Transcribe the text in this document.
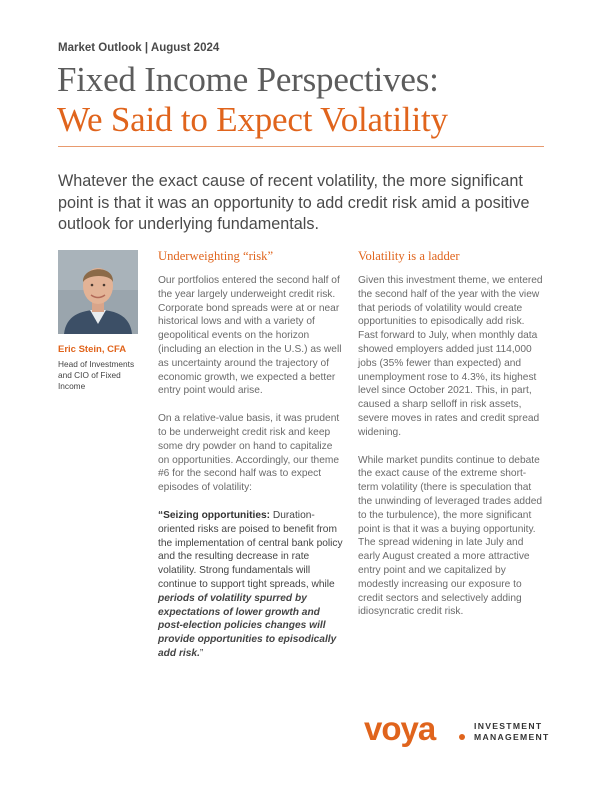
Market Outlook | August 2024
Fixed Income Perspectives:
We Said to Expect Volatility
Whatever the exact cause of recent volatility, the more significant point is that it was an opportunity to add credit risk amid a positive outlook for underlying fundamentals.
Eric Stein, CFA
Head of Investments and CIO of Fixed Income
Underweighting “risk”

Our portfolios entered the second half of the year largely underweight credit risk. Corporate bond spreads were at or near historical lows and with a variety of geopolitical events on the horizon (including an election in the U.S.) as well as uncertainty around the trajectory of economic growth, we expected a better entry point would arise.

On a relative-value basis, it was prudent to be underweight credit risk and keep some dry powder on hand to capitalize on opportunities. Accordingly, our theme #6 for the second half was to expect episodes of volatility:

“Seizing opportunities: Duration-oriented risks are poised to benefit from the implementation of central bank policy and the resulting decrease in rate volatility. Strong fundamentals will continue to support tight spreads, while periods of volatility spurred by expectations of lower growth and post-election policies changes will provide opportunities to episodically add risk.”

Volatility is a ladder

Given this investment theme, we entered the second half of the year with the view that periods of volatility would create opportunities to episodically add risk. Fast forward to July, when monthly data showed employers added just 114,000 jobs (35% fewer than expected) and unemployment rose to 4.3%, its highest level since October 2021. This, in part, caused a sharp selloff in risk assets, severe moves in rates and credit spread widening.

While market pundits continue to debate the exact cause of the extreme short-term volatility (there is speculation that the unwinding of leveraged trades added to the turbulence), the more significant point is that it was a buying opportunity. The spread widening in late July and early August created a more attractive entry point and we capitalized by modestly increasing our exposure to credit sectors and selectively adding idiosyncratic credit risk.

voya	INVESTMENT
MANAGEMENT
